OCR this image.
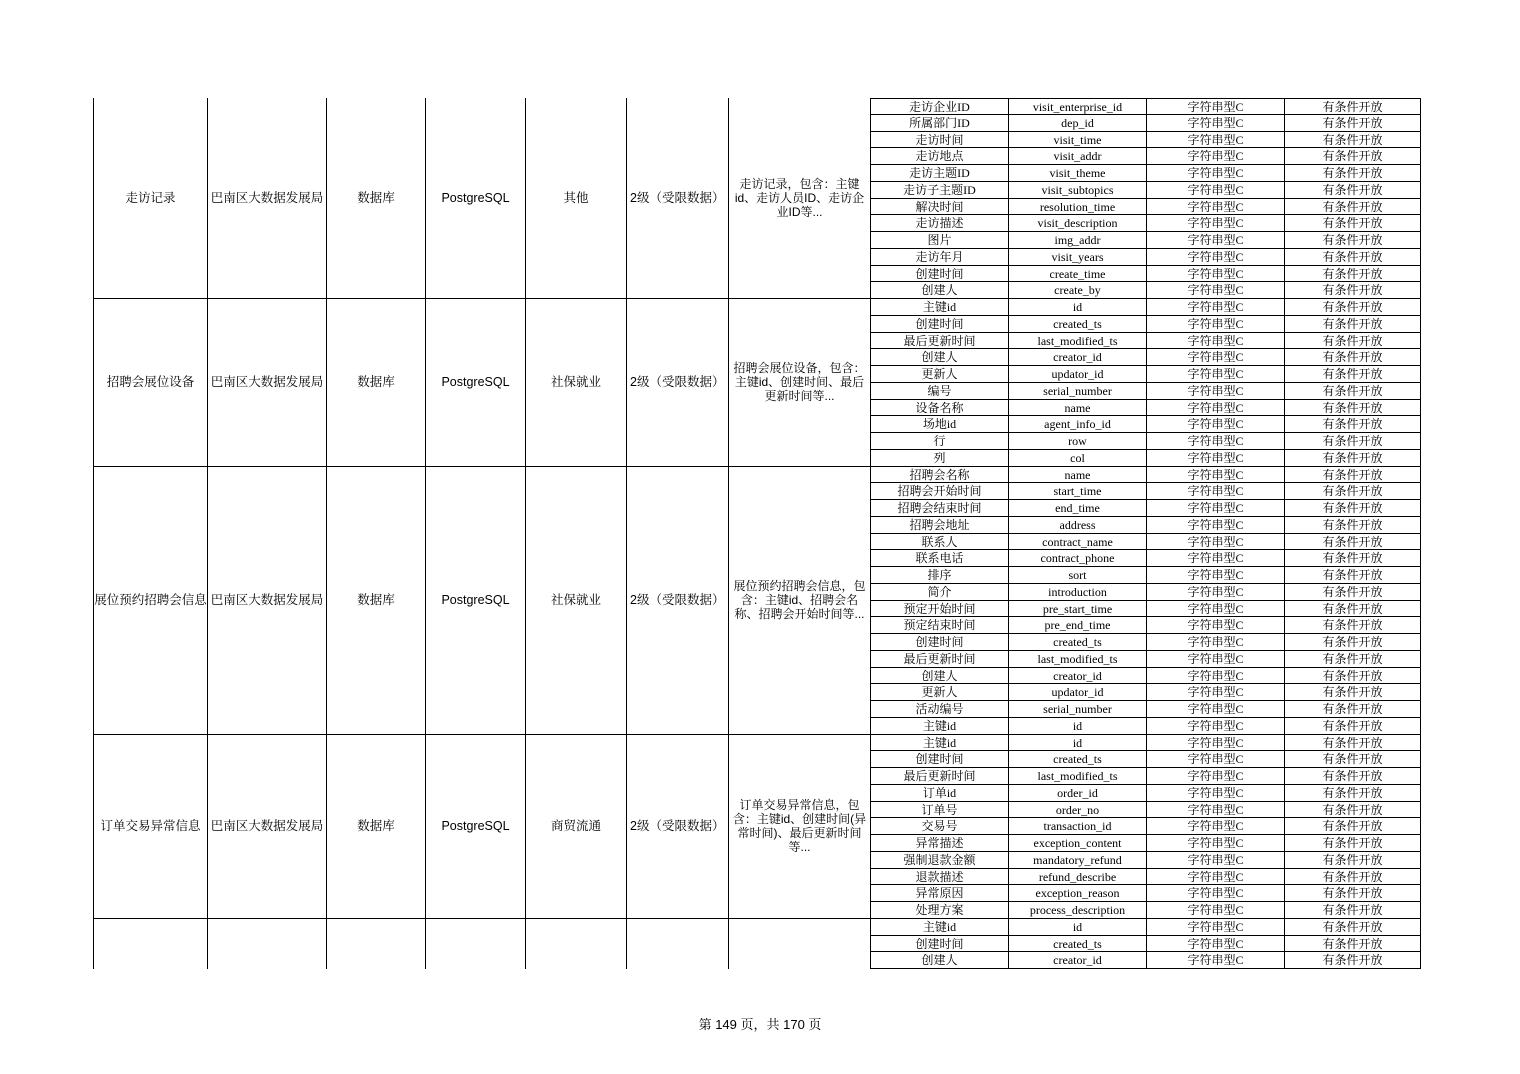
走访记录	巴南区大数据发展局	数据库	PostgreSQL	其他	2级（受限数据）
走访记录，包含：主键id、走访人员ID、走访企业ID等...
走访企业ID	visit_enterprise_id	字符串型C	有条件开放
所属部门ID	dep_id	字符串型C	有条件开放
走访时间	visit_time	字符串型C	有条件开放
走访地点	visit_addr	字符串型C	有条件开放
走访主题ID	visit_theme	字符串型C	有条件开放
走访子主题ID	visit_subtopics	字符串型C	有条件开放
解决时间	resolution_time	字符串型C	有条件开放
走访描述	visit_description	字符串型C	有条件开放
图片	img_addr	字符串型C	有条件开放
走访年月	visit_years	字符串型C	有条件开放
创建时间	create_time	字符串型C	有条件开放
创建人	create_by	字符串型C	有条件开放
招聘会展位设备 巴南区大数据发展局	数据库	PostgreSQL	社保就业 2级（受限数据）
招聘会展位设备，包含：主键id、创建时间、最后更新时间等...
主键id	id	字符串型C	有条件开放
创建时间	created_ts	字符串型C	有条件开放
最后更新时间	last_modified_ts	字符串型C	有条件开放
创建人	creator_id	字符串型C	有条件开放
更新人	updator_id	字符串型C	有条件开放
编号	serial_number	字符串型C	有条件开放
设备名称	name	字符串型C	有条件开放
场地id	agent_info_id	字符串型C	有条件开放
行	row	字符串型C	有条件开放
列	col	字符串型C	有条件开放
展位预约招聘会信息 巴南区大数据发展局	数据库	PostgreSQL	社保就业 2级（受限数据）
展位预约招聘会信息，包含：主键id、招聘会名称、招聘会开始时间等...
招聘会名称	name	字符串型C	有条件开放
招聘会开始时间	start_time	字符串型C	有条件开放
招聘会结束时间	end_time	字符串型C	有条件开放
招聘会地址	address	字符串型C	有条件开放
联系人	contract_name	字符串型C	有条件开放
联系电话	contract_phone	字符串型C	有条件开放
排序	sort	字符串型C	有条件开放
简介	introduction	字符串型C	有条件开放
预定开始时间	pre_start_time	字符串型C	有条件开放
预定结束时间	pre_end_time	字符串型C	有条件开放
创建时间	created_ts	字符串型C	有条件开放
最后更新时间	last_modified_ts	字符串型C	有条件开放
创建人	creator_id	字符串型C	有条件开放
更新人	updator_id	字符串型C	有条件开放
活动编号	serial_number	字符串型C	有条件开放
主键id	id	字符串型C	有条件开放
订单交易异常信息 巴南区大数据发展局	数据库	PostgreSQL	商贸流通 2级（受限数据）
订单交易异常信息，包含：主键id、创建时间(异常时间)、最后更新时间等...
主键id	id	字符串型C	有条件开放
创建时间	created_ts	字符串型C	有条件开放
最后更新时间	last_modified_ts	字符串型C	有条件开放
订单id	order_id	字符串型C	有条件开放
订单号	order_no	字符串型C	有条件开放
交易号	transaction_id	字符串型C	有条件开放
异常描述	exception_content	字符串型C	有条件开放
强制退款金额	mandatory_refund	字符串型C	有条件开放
退款描述	refund_describe	字符串型C	有条件开放
异常原因	exception_reason	字符串型C	有条件开放
处理方案	process_description	字符串型C	有条件开放
主键id	id	字符串型C	有条件开放
创建时间	created_ts	字符串型C	有条件开放
创建人	creator_id	字符串型C	有条件开放
第 149 页，共 170 页
